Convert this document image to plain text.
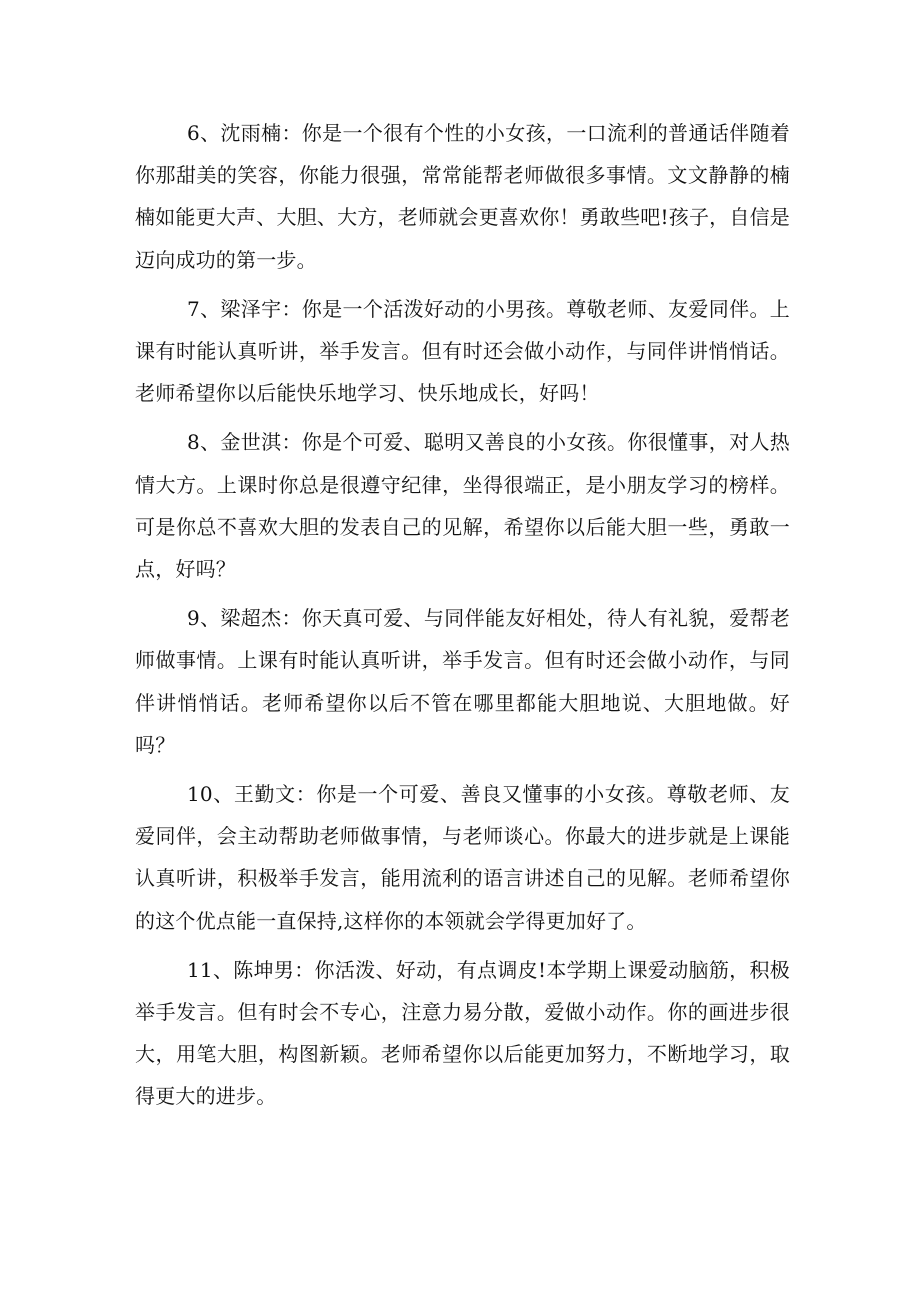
6、沈雨楠：你是一个很有个性的小女孩，一口流利的普通话伴随着你那甜美的笑容，你能力很强，常常能帮老师做很多事情。文文静静的楠楠如能更大声、大胆、大方，老师就会更喜欢你！勇敢些吧!孩子，自信是迈向成功的第一步。

7、梁泽宇：你是一个活泼好动的小男孩。尊敬老师、友爱同伴。上课有时能认真听讲，举手发言。但有时还会做小动作，与同伴讲悄悄话。老师希望你以后能快乐地学习、快乐地成长，好吗！

8、金世淇：你是个可爱、聪明又善良的小女孩。你很懂事，对人热情大方。上课时你总是很遵守纪律，坐得很端正，是小朋友学习的榜样。可是你总不喜欢大胆的发表自己的见解，希望你以后能大胆一些，勇敢一点，好吗？

9、梁超杰：你天真可爱、与同伴能友好相处，待人有礼貌，爱帮老师做事情。上课有时能认真听讲，举手发言。但有时还会做小动作，与同伴讲悄悄话。老师希望你以后不管在哪里都能大胆地说、大胆地做。好吗？

10、王勤文：你是一个可爱、善良又懂事的小女孩。尊敬老师、友爱同伴，会主动帮助老师做事情，与老师谈心。你最大的进步就是上课能认真听讲，积极举手发言，能用流利的语言讲述自己的见解。老师希望你的这个优点能一直保持,这样你的本领就会学得更加好了。

11、陈坤男：你活泼、好动，有点调皮!本学期上课爱动脑筋，积极举手发言。但有时会不专心，注意力易分散，爱做小动作。你的画进步很大，用笔大胆，构图新颖。老师希望你以后能更加努力，不断地学习，取得更大的进步。
